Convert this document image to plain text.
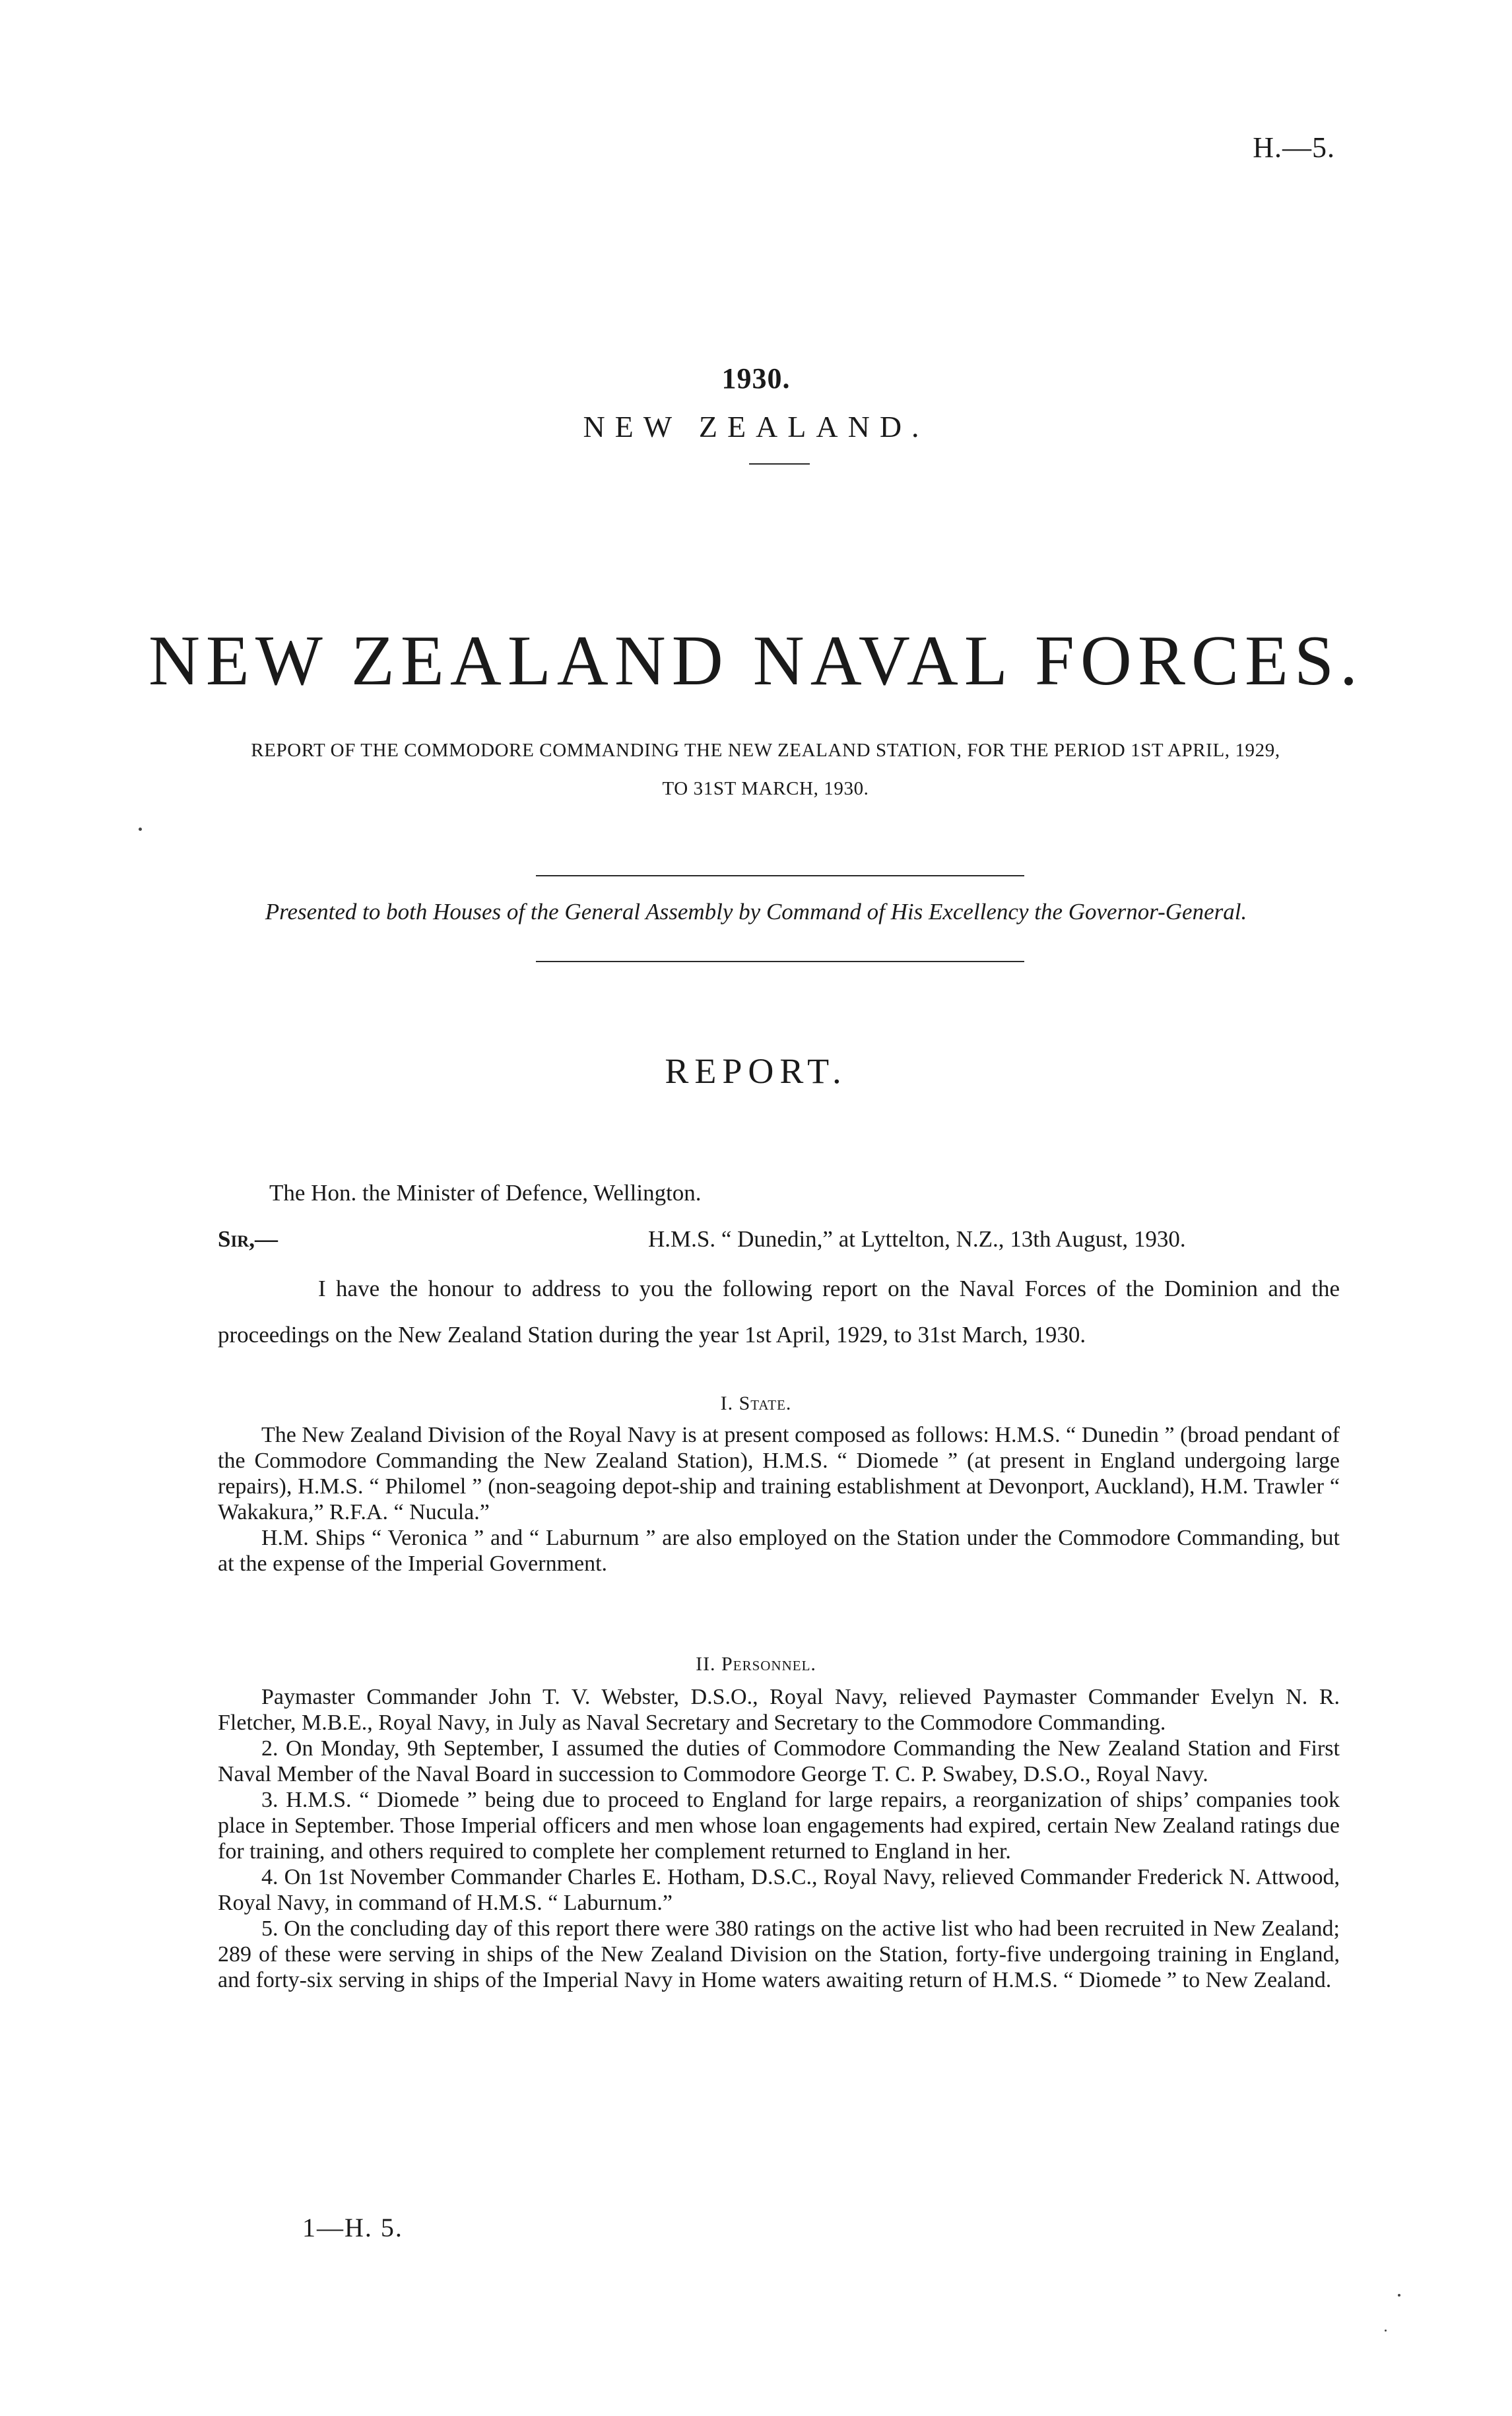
H.—5.
1930.
NEW ZEALAND.
NEW ZEALAND NAVAL FORCES.
REPORT OF THE COMMODORE COMMANDING THE NEW ZEALAND STATION, FOR THE PERIOD 1ST APRIL, 1929, TO 31ST MARCH, 1930.
Presented to both Houses of the General Assembly by Command of His Excellency the Governor-General.
REPORT.
The Hon. the Minister of Defence, Wellington.
Sir,—	H.M.S. “ Dunedin,” at Lyttelton, N.Z., 13th August, 1930.
I have the honour to address to you the following report on the Naval Forces of the Dominion and the proceedings on the New Zealand Station during the year 1st April, 1929, to 31st March, 1930.
I. State.

The New Zealand Division of the Royal Navy is at present composed as follows: H.M.S. “ Dunedin ” (broad pendant of the Commodore Commanding the New Zealand Station), H.M.S. “ Diomede ” (at present in England undergoing large repairs), H.M.S. “ Philomel ” (non-seagoing depot-ship and training establishment at Devonport, Auckland), H.M. Trawler “ Wakakura,” R.F.A. “ Nucula.”

H.M. Ships “ Veronica ” and “ Laburnum ” are also employed on the Station under the Commodore Commanding, but at the expense of the Imperial Government.

II. Personnel.

Paymaster Commander John T. V. Webster, D.S.O., Royal Navy, relieved Paymaster Commander Evelyn N. R. Fletcher, M.B.E., Royal Navy, in July as Naval Secretary and Secretary to the Commodore Commanding.

2. On Monday, 9th September, I assumed the duties of Commodore Commanding the New Zealand Station and First Naval Member of the Naval Board in succession to Commodore George T. C. P. Swabey, D.S.O., Royal Navy.

3. H.M.S. “ Diomede ” being due to proceed to England for large repairs, a reorganization of ships’ companies took place in September. Those Imperial officers and men whose loan engagements had expired, certain New Zealand ratings due for training, and others required to complete her complement returned to England in her.

4. On 1st November Commander Charles E. Hotham, D.S.C., Royal Navy, relieved Commander Frederick N. Attwood, Royal Navy, in command of H.M.S. “ Laburnum.”

5. On the concluding day of this report there were 380 ratings on the active list who had been recruited in New Zealand; 289 of these were serving in ships of the New Zealand Division on the Station, forty-five undergoing training in England, and forty-six serving in ships of the Imperial Navy in Home waters awaiting return of H.M.S. “ Diomede ” to New Zealand.

1—H. 5.
